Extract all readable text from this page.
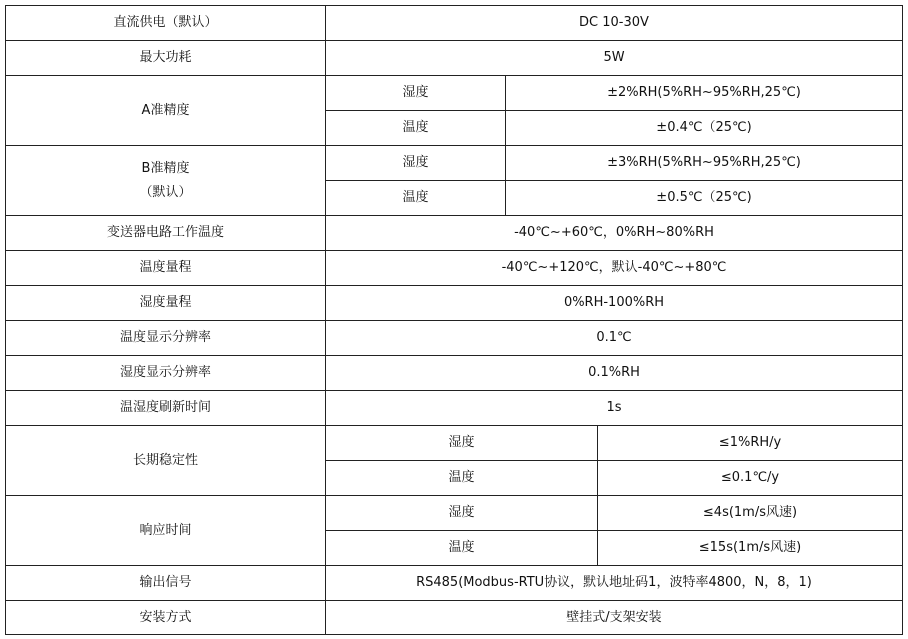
直流供电（默认）	DC 10-30V
最大功耗	5W
A准精度
湿度	±2%RH(5%RH~95%RH,25℃)
温度	±0.4℃（25℃)
B准精度
（默认）
湿度	±3%RH(5%RH~95%RH,25℃)
温度	±0.5℃（25℃)
变送器电路工作温度	-40℃~+60℃，0%RH~80%RH
温度量程	-40℃~+120℃，默认-40℃~+80℃
湿度量程	0%RH-100%RH
温度显示分辨率	0.1℃
湿度显示分辨率	0.1%RH
温湿度刷新时间	1s
长期稳定性
湿度	≤1%RH/y
温度	≤0.1℃/y
响应时间
湿度	≤4s(1m/s风速)
温度	≤15s(1m/s风速)
输出信号	RS485(Modbus-RTU协议，默认地址码1，波特率4800，N，8，1)
安装方式	壁挂式/支架安装
